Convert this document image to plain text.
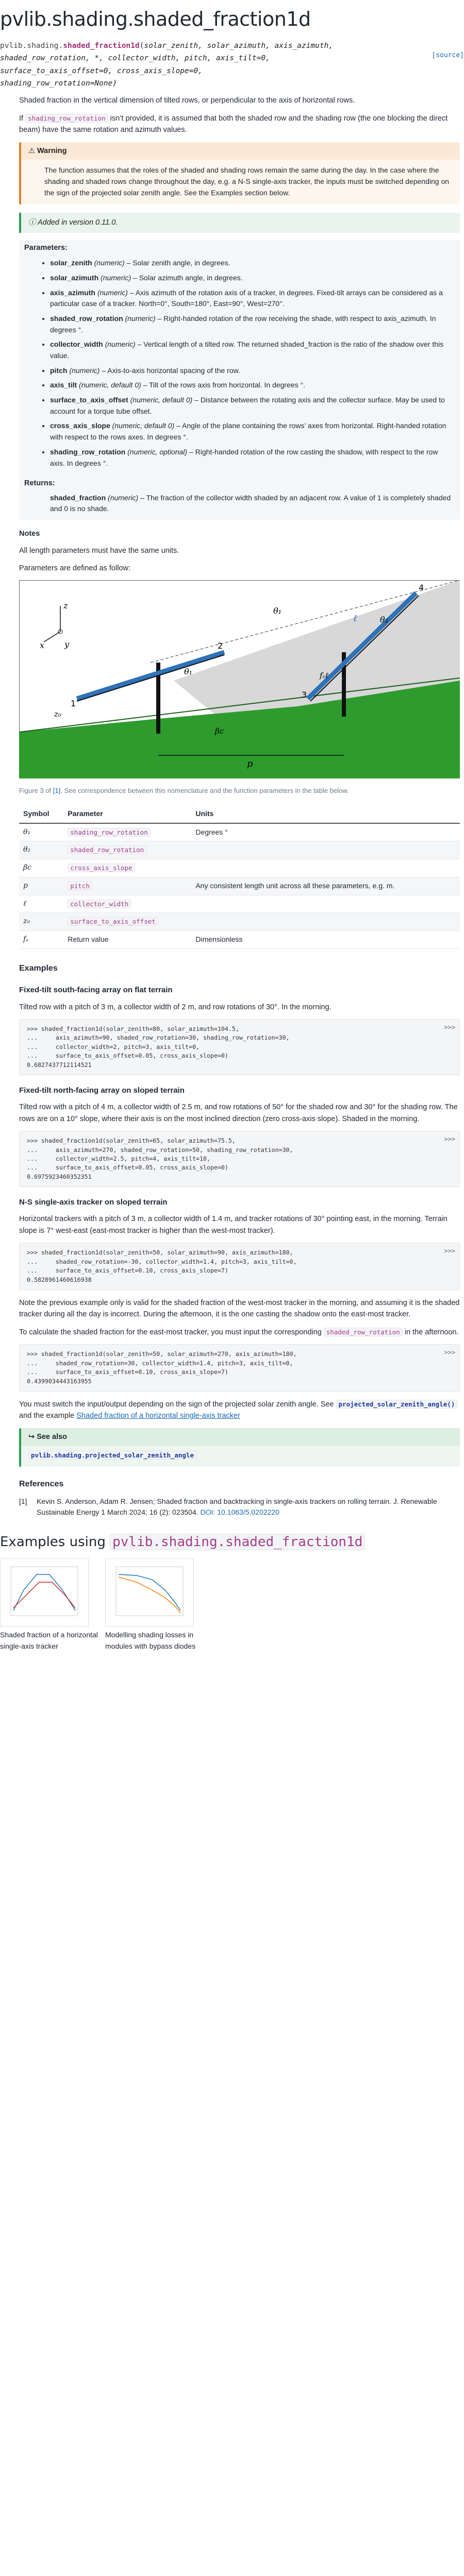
pvlib.shading.shaded_fraction1d
pvlib.shading.shaded_fraction1d(solar_zenith, solar_azimuth, axis_azimuth,
shaded_row_rotation, *, collector_width, pitch, axis_tilt=0,
surface_to_axis_offset=0, cross_axis_slope=0,
shading_row_rotation=None)
[source]

Shaded fraction in the vertical dimension of tilted rows, or perpendicular to the axis of horizontal rows.

If shading_row_rotation isn’t provided, it is assumed that both the shaded row and the shading row (the one blocking the direct beam) have the same rotation and azimuth values.

⚠ Warning
The function assumes that the roles of the shaded and shading rows remain the same during the day. In the case where the shading and shaded rows change throughout the day, e.g. a N-S single-axis tracker, the inputs must be switched depending on the sign of the projected solar zenith angle. See the Examples section below.
ⓘ Added in version 0.11.0.
Parameters:
• solar_zenith (numeric) – Solar zenith angle, in degrees.
• solar_azimuth (numeric) – Solar azimuth angle, in degrees.
• axis_azimuth (numeric) – Axis azimuth of the rotation axis of a tracker, in degrees. Fixed-tilt arrays can be considered as a particular case of a tracker. North=0°, South=180°, East=90°, West=270°.
• shaded_row_rotation (numeric) – Right-handed rotation of the row receiving the shade, with respect to axis_azimuth. In degrees °.
• collector_width (numeric) – Vertical length of a tilted row. The returned shaded_fraction is the ratio of the shadow over this value.
• pitch (numeric) – Axis-to-axis horizontal spacing of the row.
• axis_tilt (numeric, default 0) – Tilt of the rows axis from horizontal. In degrees °.
• surface_to_axis_offset (numeric, default 0) – Distance between the rotating axis and the collector surface. May be used to account for a torque tube offset.
• cross_axis_slope (numeric, default 0) – Angle of the plane containing the rows’ axes from horizontal. Right-handed rotation with respect to the rows axes. In degrees °.
• shading_row_rotation (numeric, optional) – Right-handed rotation of the row casting the shadow, with respect to the row axis. In degrees °.
Returns:
shaded_fraction (numeric) – The fraction of the collector width shaded by an adjacent row. A value of 1 is completely shaded and 0 is no shade.
Notes

All length parameters must have the same units.

Parameters are defined as follow:

z
x y
1
2
3
4
z₀
θ₁
θ₁
θ₂
ℓ
fₛℓ
βc
p
Figure 3 of [1]. See correspondence between this nomenclature and the function parameters in the table below.
Symbol	Parameter	Units
θ₁	shading_row_rotation	Degrees °
θ₂	shaded_row_rotation	
βc	cross_axis_slope	
p	pitch	Any consistent length unit across all these parameters, e.g. m.
ℓ	collector_width	
z₀	surface_to_axis_offset	
fₛ	Return value	Dimensionless
Examples
Fixed-tilt south-facing array on flat terrain

Tilted row with a pitch of 3 m, a collector width of 2 m, and row rotations of 30°. In the morning.

>>>
>>> shaded_fraction1d(solar_zenith=80, solar_azimuth=104.5,
...     axis_azimuth=90, shaded_row_rotation=30, shading_row_rotation=30,
...     collector_width=2, pitch=3, axis_tilt=0,
...     surface_to_axis_offset=0.05, cross_axis_slope=0)
0.6827437712114521
Fixed-tilt north-facing array on sloped terrain

Tilted row with a pitch of 4 m, a collector width of 2.5 m, and row rotations of 50° for the shaded row and 30° for the shading row. The rows are on a 10° slope, where their axis is on the most inclined direction (zero cross-axis slope). Shaded in the morning.

>>>
>>> shaded_fraction1d(solar_zenith=65, solar_azimuth=75.5,
...     axis_azimuth=270, shaded_row_rotation=50, shading_row_rotation=30,
...     collector_width=2.5, pitch=4, axis_tilt=10,
...     surface_to_axis_offset=0.05, cross_axis_slope=0)
0.6975923460352351
N-S single-axis tracker on sloped terrain

Horizontal trackers with a pitch of 3 m, a collector width of 1.4 m, and tracker rotations of 30° pointing east, in the morning. Terrain slope is 7° west-east (east-most tracker is higher than the west-most tracker).

>>>
>>> shaded_fraction1d(solar_zenith=50, solar_azimuth=90, axis_azimuth=180,
...     shaded_row_rotation=-30, collector_width=1.4, pitch=3, axis_tilt=0,
...     surface_to_axis_offset=0.10, cross_axis_slope=7)
0.5828961460616938

Note the previous example only is valid for the shaded fraction of the west-most tracker in the morning, and assuming it is the shaded tracker during all the day is incorrect. During the afternoon, it is the one casting the shadow onto the east-most tracker.

To calculate the shaded fraction for the east-most tracker, you must input the corresponding shaded_row_rotation in the afternoon.

>>>
>>> shaded_fraction1d(solar_zenith=50, solar_azimuth=270, axis_azimuth=180,
...     shaded_row_rotation=30, collector_width=1.4, pitch=3, axis_tilt=0,
...     surface_to_axis_offset=0.10, cross_axis_slope=7)
0.4399034443163955

You must switch the input/output depending on the sign of the projected solar zenith angle. See projected_solar_zenith_angle() and the example Shaded fraction of a horizontal single-axis tracker

↪ See also
pvlib.shading.projected_solar_zenith_angle
References
[1]	Kevin S. Anderson, Adam R. Jensen; Shaded fraction and backtracking in single-axis trackers on rolling terrain. J. Renewable Sustainable Energy 1 March 2024; 16 (2): 023504. DOI: 10.1063/5.0202220
Examples using pvlib.shading.shaded_fraction1d
Shaded fraction of a horizontal single-axis tracker
Modelling shading losses in modules with bypass diodes
